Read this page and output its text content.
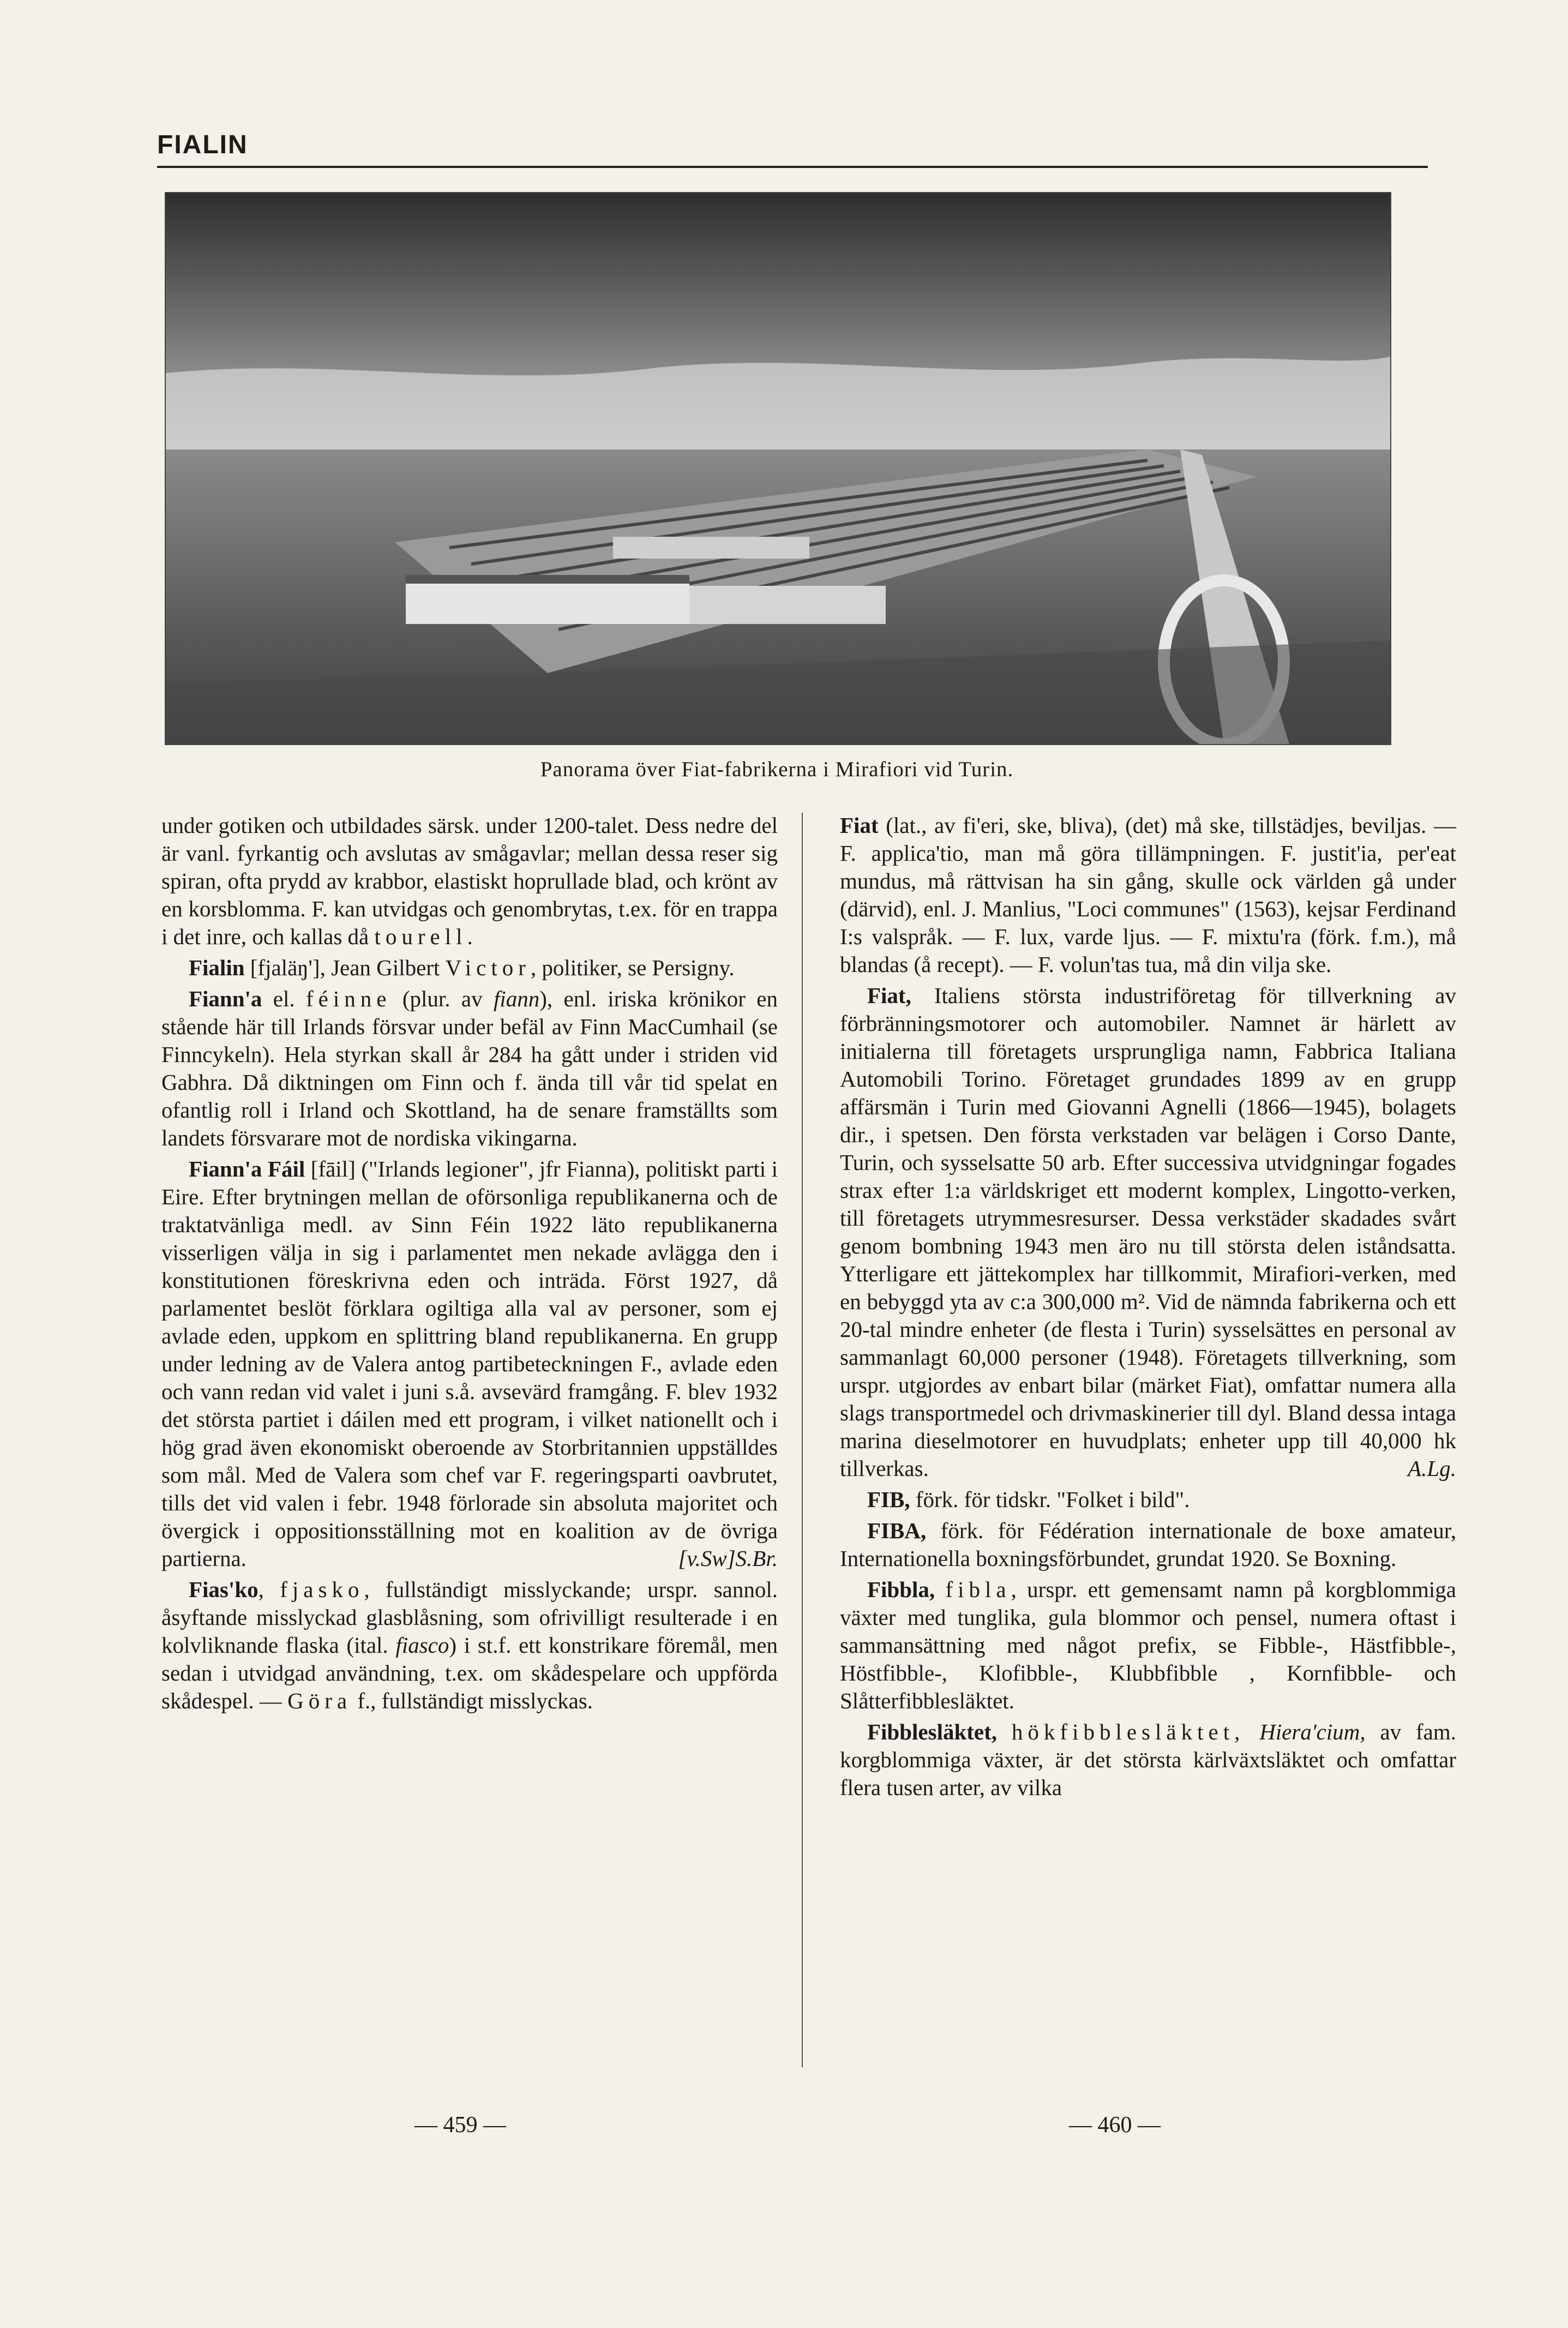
FIALIN
Panorama över Fiat-fabrikerna i Mirafiori vid Turin.

under gotiken och utbildades särsk. under 1200-talet. Dess nedre del är vanl. fyrkantig och avslutas av smågavlar; mellan dessa reser sig spiran, ofta prydd av krabbor, elastiskt hoprullade blad, och krönt av en korsblomma. F. kan utvidgas och genombrytas, t.ex. för en trappa i det inre, och kallas då tourell.

Fialin [fjaläŋ'], Jean Gilbert Victor, politiker, se Persigny.

Fiann'a el. féinne (plur. av fiann), enl. iriska krönikor en stående här till Irlands försvar under befäl av Finn MacCumhail (se Finncykeln). Hela styrkan skall år 284 ha gått under i striden vid Gabhra. Då diktningen om Finn och f. ända till vår tid spelat en ofantlig roll i Irland och Skottland, ha de senare framställts som landets försvarare mot de nordiska vikingarna.

Fiann'a Fáil [fāil] ("Irlands legioner", jfr Fianna), politiskt parti i Eire. Efter brytningen mellan de oförsonliga republikanerna och de traktatvänliga medl. av Sinn Féin 1922 läto republikanerna visserligen välja in sig i parlamentet men nekade avlägga den i konstitutionen föreskrivna eden och inträda. Först 1927, då parlamentet beslöt förklara ogiltiga alla val av personer, som ej avlade eden, uppkom en splittring bland republikanerna. En grupp under ledning av de Valera antog partibeteckningen F., avlade eden och vann redan vid valet i juni s.å. avsevärd framgång. F. blev 1932 det största partiet i dáilen med ett program, i vilket nationellt och i hög grad även ekonomiskt oberoende av Storbritannien uppställdes som mål. Med de Valera som chef var F. regeringsparti oavbrutet, tills det vid valen i febr. 1948 förlorade sin absoluta majoritet och övergick i oppositionsställning mot en koalition av de övriga partierna.	[v.Sw]S.Br.

Fias'ko, fjasko, fullständigt misslyckande; urspr. sannol. åsyftande misslyckad glasblåsning, som ofrivilligt resulterade i en kolvliknande flaska (ital. fiasco) i st.f. ett konstrikare föremål, men sedan i utvidgad användning, t.ex. om skådespelare och uppförda skådespel. — Göra f., fullständigt misslyckas.

Fiat (lat., av fi'eri, ske, bliva), (det) må ske, tillstädjes, beviljas. — F. applica'tio, man må göra tillämpningen. F. justit'ia, per'eat mundus, må rättvisan ha sin gång, skulle ock världen gå under (därvid), enl. J. Manlius, "Loci communes" (1563), kejsar Ferdinand I:s valspråk. — F. lux, varde ljus. — F. mixtu'ra (förk. f.m.), må blandas (å recept). — F. volun'tas tua, må din vilja ske.

Fiat, Italiens största industriföretag för tillverkning av förbränningsmotorer och automobiler. Namnet är härlett av initialerna till företagets ursprungliga namn, Fabbrica Italiana Automobili Torino. Företaget grundades 1899 av en grupp affärsmän i Turin med Giovanni Agnelli (1866—1945), bolagets dir., i spetsen. Den första verkstaden var belägen i Corso Dante, Turin, och sysselsatte 50 arb. Efter successiva utvidgningar fogades strax efter 1:a världskriget ett modernt komplex, Lingotto-verken, till företagets utrymmesresurser. Dessa verkstäder skadades svårt genom bombning 1943 men äro nu till största delen iståndsatta. Ytterligare ett jättekomplex har tillkommit, Mirafiori-verken, med en bebyggd yta av c:a 300,000 m². Vid de nämnda fabrikerna och ett 20-tal mindre enheter (de flesta i Turin) sysselsättes en personal av sammanlagt 60,000 personer (1948). Företagets tillverkning, som urspr. utgjordes av enbart bilar (märket Fiat), omfattar numera alla slags transportmedel och drivmaskinerier till dyl. Bland dessa intaga marina dieselmotorer en huvudplats; enheter upp till 40,000 hk tillverkas.	A.Lg.

FIB, förk. för tidskr. "Folket i bild".

FIBA, förk. för Fédération internationale de boxe amateur, Internationella boxningsförbundet, grundat 1920. Se Boxning.

Fibbla, fibla, urspr. ett gemensamt namn på korgblommiga växter med tunglika, gula blommor och pensel, numera oftast i sammansättning med något prefix, se Fibble-, Hästfibble-, Höstfibble-, Klofibble-, Klubbfibble , Kornfibble- och Slåtterfibblesläktet.

Fibblesläktet, hökfibblesläktet, Hiera'cium, av fam. korgblommiga växter, är det största kärlväxtsläktet och omfattar flera tusen arter, av vilka

— 459 —	— 460 —
